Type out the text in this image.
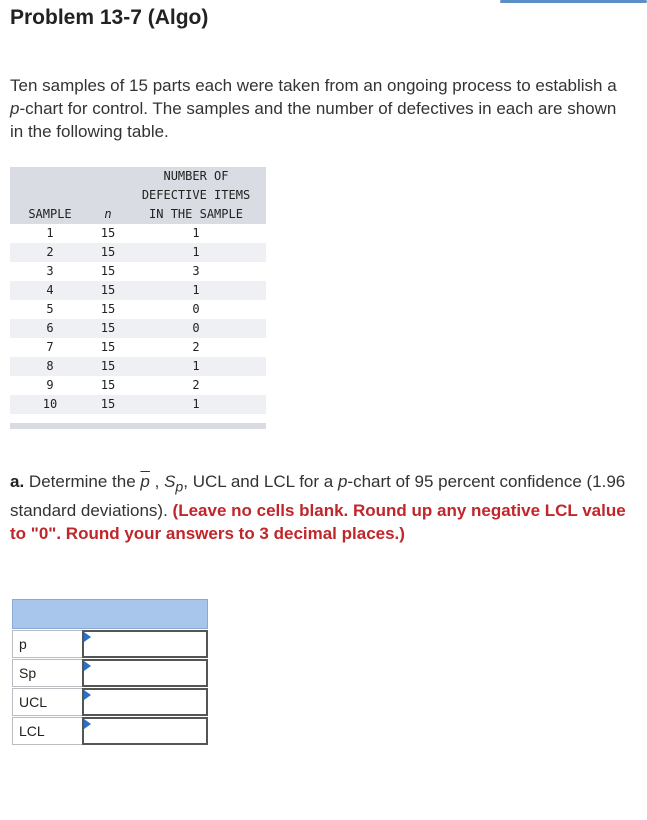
Problem 13-7 (Algo)

Ten samples of 15 parts each were taken from an ongoing process to establish a p-chart for control. The samples and the number of defectives in each are shown in the following table.

SAMPLE	n	NUMBER OF
DEFECTIVE ITEMS
IN THE SAMPLE

1	15	1
2	15	1
3	15	3
4	15	1
5	15	0
6	15	0
7	15	2
8	15	1
9	15	2
10	15	1

a. Determine the $\overline{p}$ , $S_p$, UCL and LCL for a p-chart of 95 percent confidence (1.96 standard deviations). (Leave no cells blank. Round up any negative LCL value to "0". Round your answers to 3 decimal places.)

p
Sp
UCL
LCL
